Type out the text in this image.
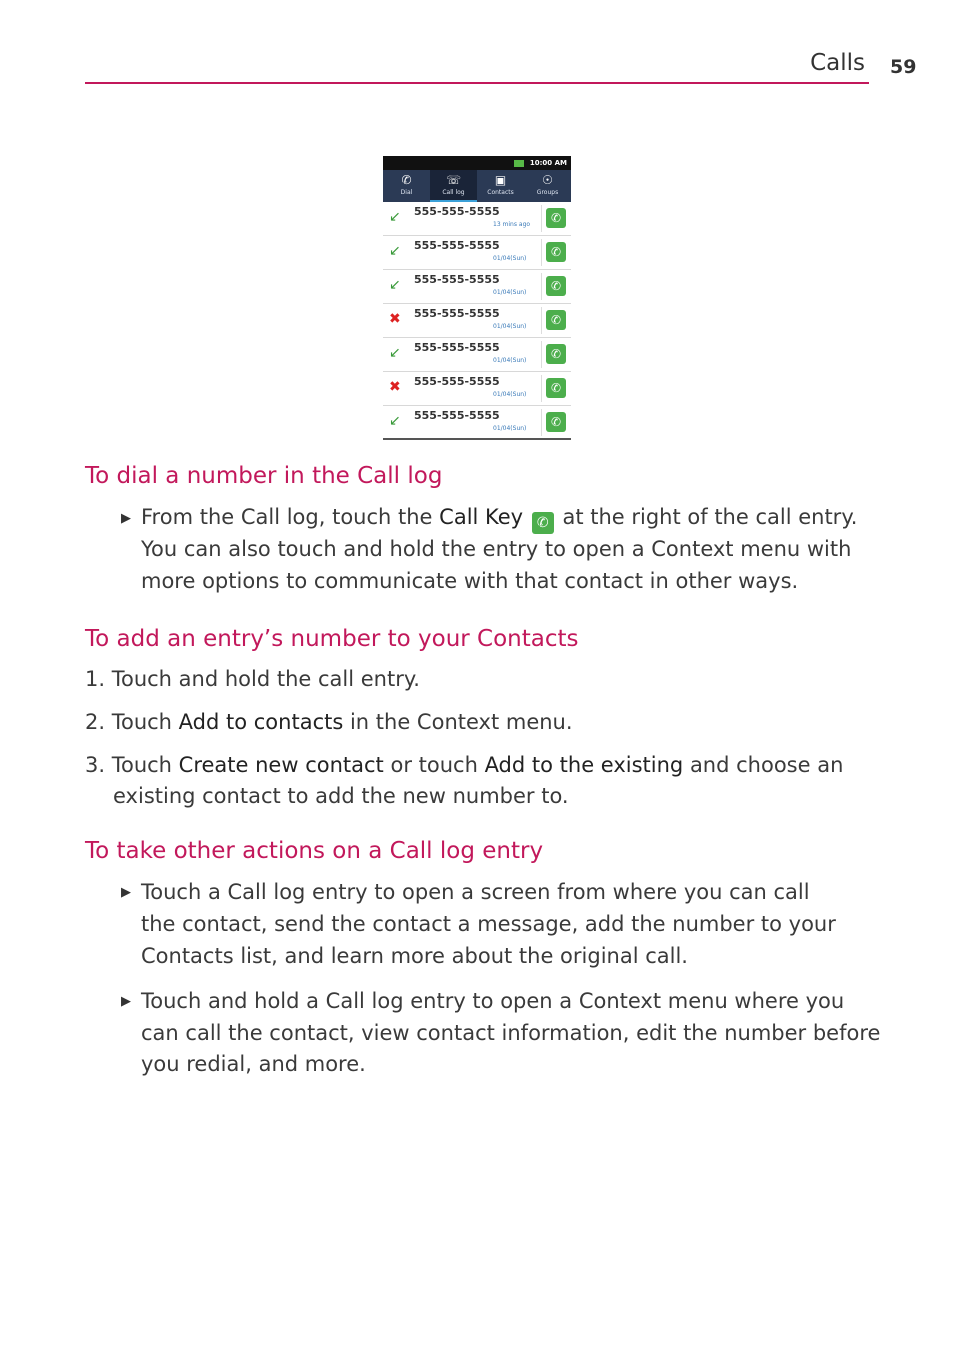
Calls 59
10:00 AM
✆
Dial
☏
Call log
▣
Contacts
☉
Groups
↙ 555-555-5555
13 mins ago	✆
↙ 555-555-5555
01/04(Sun)	✆
↙ 555-555-5555
01/04(Sun)	✆
✖ 555-555-5555
01/04(Sun)	✆
↙ 555-555-5555
01/04(Sun)	✆
✖ 555-555-5555
01/04(Sun)	✆
↙ 555-555-5555
01/04(Sun)	✆
To dial a number in the Call log
▶ From the Call log, touch the Call Key ✆ at the right of the call entry.
You can also touch and hold the entry to open a Context menu with
more options to communicate with that contact in other ways.
To add an entry’s number to your Contacts
1. Touch and hold the call entry.
2. Touch Add to contacts in the Context menu.
3. Touch Create new contact or touch Add to the existing and choose an
existing contact to add the new number to.
To take other actions on a Call log entry
▶ Touch a Call log entry to open a screen from where you can call
the contact, send the contact a message, add the number to your
Contacts list, and learn more about the original call.
▶ Touch and hold a Call log entry to open a Context menu where you
can call the contact, view contact information, edit the number before
you redial, and more.
